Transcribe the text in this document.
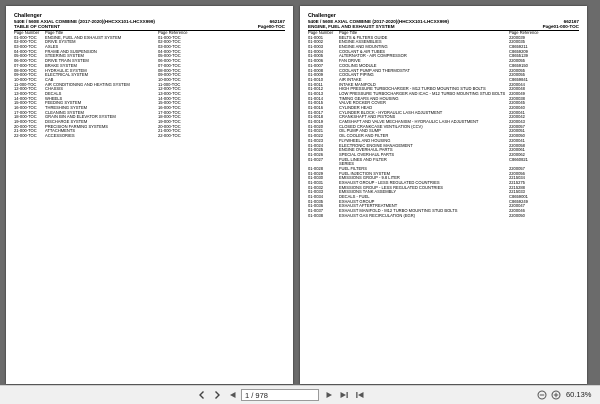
Challenger
540E / 560E AXIAL COMBINE (2017-2020)(HHCXX101-LHCXX999)	662167
TABLE OF CONTENT	Page00-TOC
Page Number	Page Title	Page Reference
01-000-TOC	ENGINE, FUEL AND EXHAUST SYSTEM	01-000-TOC
02-000-TOC	DRIVE SYSTEM	02-000-TOC
03-000-TOC	AXLES	03-000-TOC
04-000-TOC	FRAME AND SUSPENSION	04-000-TOC
05-000-TOC	STEERING SYSTEM	05-000-TOC
06-000-TOC	DRIVE TRAIN SYSTEM	06-000-TOC
07-000-TOC	BRAKE SYSTEM	07-000-TOC
08-000-TOC	HYDRAULIC SYSTEM	08-000-TOC
09-000-TOC	ELECTRICAL SYSTEM	09-000-TOC
10-000-TOC	CAB	10-000-TOC
11-000-TOC	AIR CONDITIONING AND HEATING SYSTEM	11-000-TOC
12-000-TOC	CHASSIS	12-000-TOC
13-000-TOC	DECALS	13-000-TOC
14-000-TOC	WHEELS	14-000-TOC
15-000-TOC	FEEDING SYSTEM	15-000-TOC
16-000-TOC	THRESHING SYSTEM	16-000-TOC
17-000-TOC	CLEANING SYSTEM	17-000-TOC
18-000-TOC	GRAIN BIN AND ELEVATOR SYSTEM	18-000-TOC
19-000-TOC	DISCHARGE SYSTEM	19-000-TOC
20-000-TOC	PRECISION FARMING SYSTEMS	20-000-TOC
21-000-TOC	ATTACHMENTS	21-000-TOC
22-000-TOC	ACCESSORIES	22-000-TOC
Challenger
540E / 560E AXIAL COMBINE (2017-2020)(HHCXX101-LHCXX999)	662167
ENGINE, FUEL AND EXHAUST SYSTEM	Page01-000-TOC
Page Number	Page Title	Page Reference
01-0001	BELTS & FILTERS GUIDE	2200039
01-0002	ENGINE ASSEMBLIES	2200035
01-0003	ENGINE AND MOUNTING	C8659211
01-0004	COOLANT & AIR TUBES	C8659209
01-0005	ALTERNATOR - AIR COMPRESSOR	C8655139
01-0006	FAN DRIVE	2200055
01-0007	COOLING MODULE	C8659150
01-0008	COOLANT PUMP AND THERMOSTAT	2200055
01-0009	COOLANT PIPING	2200055
01-0010	AIR INTAKE	C8659841
01-0011	INTAKE MANIFOLD	2200044
01-0012	HIGH PRESSURE TURBOCHARGER - M12 TURBO MOUNTING STUD BOLTS	2200048
01-0013	LOW PRESSURE TURBOCHARGER AND ICAC - M12 TURBO MOUNTING STUD BOLTS 2200049
01-0014	TIMING GEARS AND HOUSING	2200038
01-0015	VALVE ROCKER COVER	2200045
01-0016	CYLINDER HEAD	2200040
01-0017	CYLINDER BLOCK - HYDRAULIC LASH ADJUSTMENT	2200041
01-0018	CRANKSHAFT AND PISTONS	2200042
01-0019	CAMSHAFT AND VALVE MECHANISM - HYDRAULIC LASH ADJUSTMENT	2200043
01-0020	CLOSED CRANKCASE VENTILATION (CCV)	2200057
01-0021	OIL PUMP AND SUMP	2200051
01-0022	OIL COOLER AND FILTER	2200050
01-0023	FLYWHEEL AND HOUSING	2200041
01-0024	ELECTRONIC ENGINE MANAGEMENT	2200058
01-0025	ENGINE OVERHAUL PARTS	2200061
01-0026	SPECIAL OVERHAUL PARTS	2200062
01-0027	FUEL LINES AND FILTER	C8660821
SERIES
01-0028	FUEL FILTERS	2200057
01-0029	FUEL INJECTION SYSTEM	2200056
01-0030	EMISSIONS GROUP - 9.8 LITER	2215034
01-0031	EXHAUST GROUP - LESS REGULATED COUNTRIES	2215275
01-0032	EMISSIONS GROUP - LESS REGULATED COUNTRIES	2215288
01-0033	EMISSIONS TANK ASSEMBLY	2215033
01-0034	DECALS - FUEL	C8659001
01-0035	EXHAUST GROUP	C8659249
01-0036	EXHAUST AFTERTREATMENT	2200047
01-0037	EXHAUST MANIFOLD - M12 TURBO MOUNTING STUD BOLTS	2200046
01-0038	EXHAUST GAS RECIRCULATION (EGR)	2200050
1 / 978	60.13%
